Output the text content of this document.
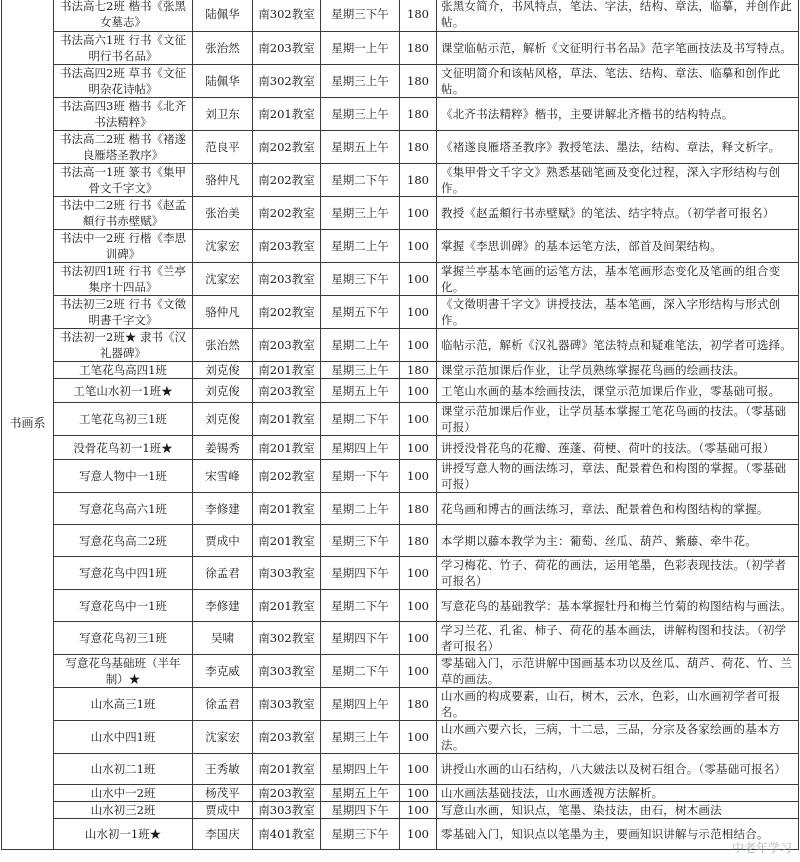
书画系	书法高七2班 楷书《张黑女墓志》	陆佩华	南302教室	星期三下午	180	张黑女简介，书风特点，笔法、字法，结构、章法，临摹，并创作此帖。
	书法高六1班 行书《文征明行书名品》	张治然	南203教室	星期一上午	180	课堂临帖示范，解析《文征明行书名品》范字笔画技法及书写特点。
	书法高四2班 草书《文征明杂花诗帖》	陆佩华	南302教室	星期三上午	180	文征明简介和该帖风格，草法、笔法、结构、章法、临摹和创作此帖。
	书法高四3班 楷书《北齐书法精粹》	刘卫东	南201教室	星期三上午	180	《北齐书法精粹》楷书，主要讲解北齐楷书的结构特点。
	书法高二2班 楷书《褚遂良雁塔圣教序》	范良平	南202教室	星期五上午	180	《褚遂良雁塔圣教序》教授笔法、墨法，结构、章法，释文析字。
	书法高一1班 篆书《集甲骨文千字文》	骆仲凡	南202教室	星期二下午	180	《集甲骨文千字文》熟悉基础笔画及变化过程，深入字形结构与创作。
	书法中二2班 行书《赵孟頫行书赤壁赋》	张治美	南202教室	星期三上午	100	教授《赵孟頫行书赤壁赋》的笔法、结字特点。（初学者可报名）
	书法中一2班 行楷《李思训碑》	沈家宏	南203教室	星期二上午	100	掌握《李思训碑》的基本运笔方法，部首及间架结构。
	书法初四1班 行书《兰亭集序十四品》	沈家宏	南203教室	星期三下午	100	掌握兰亭基本笔画的运笔方法，基本笔画形态变化及笔画的组合变化。
	书法初三2班 行书《文徵明書千字文》	骆仲凡	南202教室	星期五下午	100	《文徵明書千字文》讲授技法，基本笔画，深入字形结构与形式创作。
	书法初一2班★ 隶书《汉礼器碑》	张治然	南203教室	星期二上午	100	临帖示范，解析《汉礼器碑》笔法特点和疑难笔法，初学者可选择。
	工笔花鸟高四1班	刘克俊	南201教室	星期三上午	180	课堂示范加课后作业，让学员熟练掌握花鸟画的绘画技法。
	工笔山水初一1班★	刘克俊	南203教室	星期五上午	100	工笔山水画的基本绘画技法，课堂示范加课后作业，零基础可报。
	工笔花鸟初三1班	刘克俊	南201教室	星期二下午	100	课堂示范加课后作业，让学员基本掌握工笔花鸟画的技法。（零基础可报）
	没骨花鸟初一1班★	姜锡秀	南201教室	星期四上午	100	讲授没骨花鸟的花瓣、莲蓬、荷梗、荷叶的技法。（零基础可报）
	写意人物中一1班	宋雪峰	南202教室	星期一下午	100	讲授写意人物的画法练习，章法、配景着色和构图的掌握。（零基础可报）
	写意花鸟高六1班	李修建	南201教室	星期二上午	180	花鸟画和博古的画法练习，章法、配景着色和构图结构的掌握。
	写意花鸟高二2班	贾成中	南201教室	星期三下午	180	本学期以藤本教学为主：葡萄、丝瓜、葫芦、紫藤、牵牛花。
	写意花鸟中四1班	徐孟君	南303教室	星期四下午	100	学习梅花、竹子、荷花的画法，运用笔墨，色彩表现技法。（初学者可报名）
	写意花鸟中一1班	李修建	南201教室	星期二下午	100	写意花鸟的基础教学：基本掌握牡丹和梅兰竹菊的构图结构与画法。
	写意花鸟初三1班	吴啸	南302教室	星期四下午	100	学习兰花、孔雀、柿子、荷花的基本画法，讲解构图和技法。（初学者可报名）
	写意花鸟基础班（半年制）★	李克威	南303教室	星期二下午	100	零基础入门，示范讲解中国画基本功以及丝瓜、葫芦、荷花、竹、兰草的画法。
	山水高三1班	徐孟君	南303教室	星期四上午	180	山水画的构成要素，山石，树木，云水，色彩，山水画初学者可报名。
	山水中四1班	沈家宏	南203教室	星期三上午	100	山水画六要六长，三病，十二忌，三品，分宗及各家绘画的基本方法。
	山水初二1班	王秀敏	南201教室	星期四上午	100	讲授山水画的山石结构，八大皴法以及树石组合。（零基础可报名）
	山水中一2班	杨茂平	南203教室	星期五上午	100	山水画法基础技法，山水画透视方法解析。
	山水初三2班	贾成中	南303教室	星期四下午	100	写意山水画，知识点，笔墨、染技法，由石，树木画法
	山水初一1班★	李国庆	南401教室	星期三下午	100	零基础入门，知识点以笔墨为主，要画知识讲解与示范相结合。
中老年学习
